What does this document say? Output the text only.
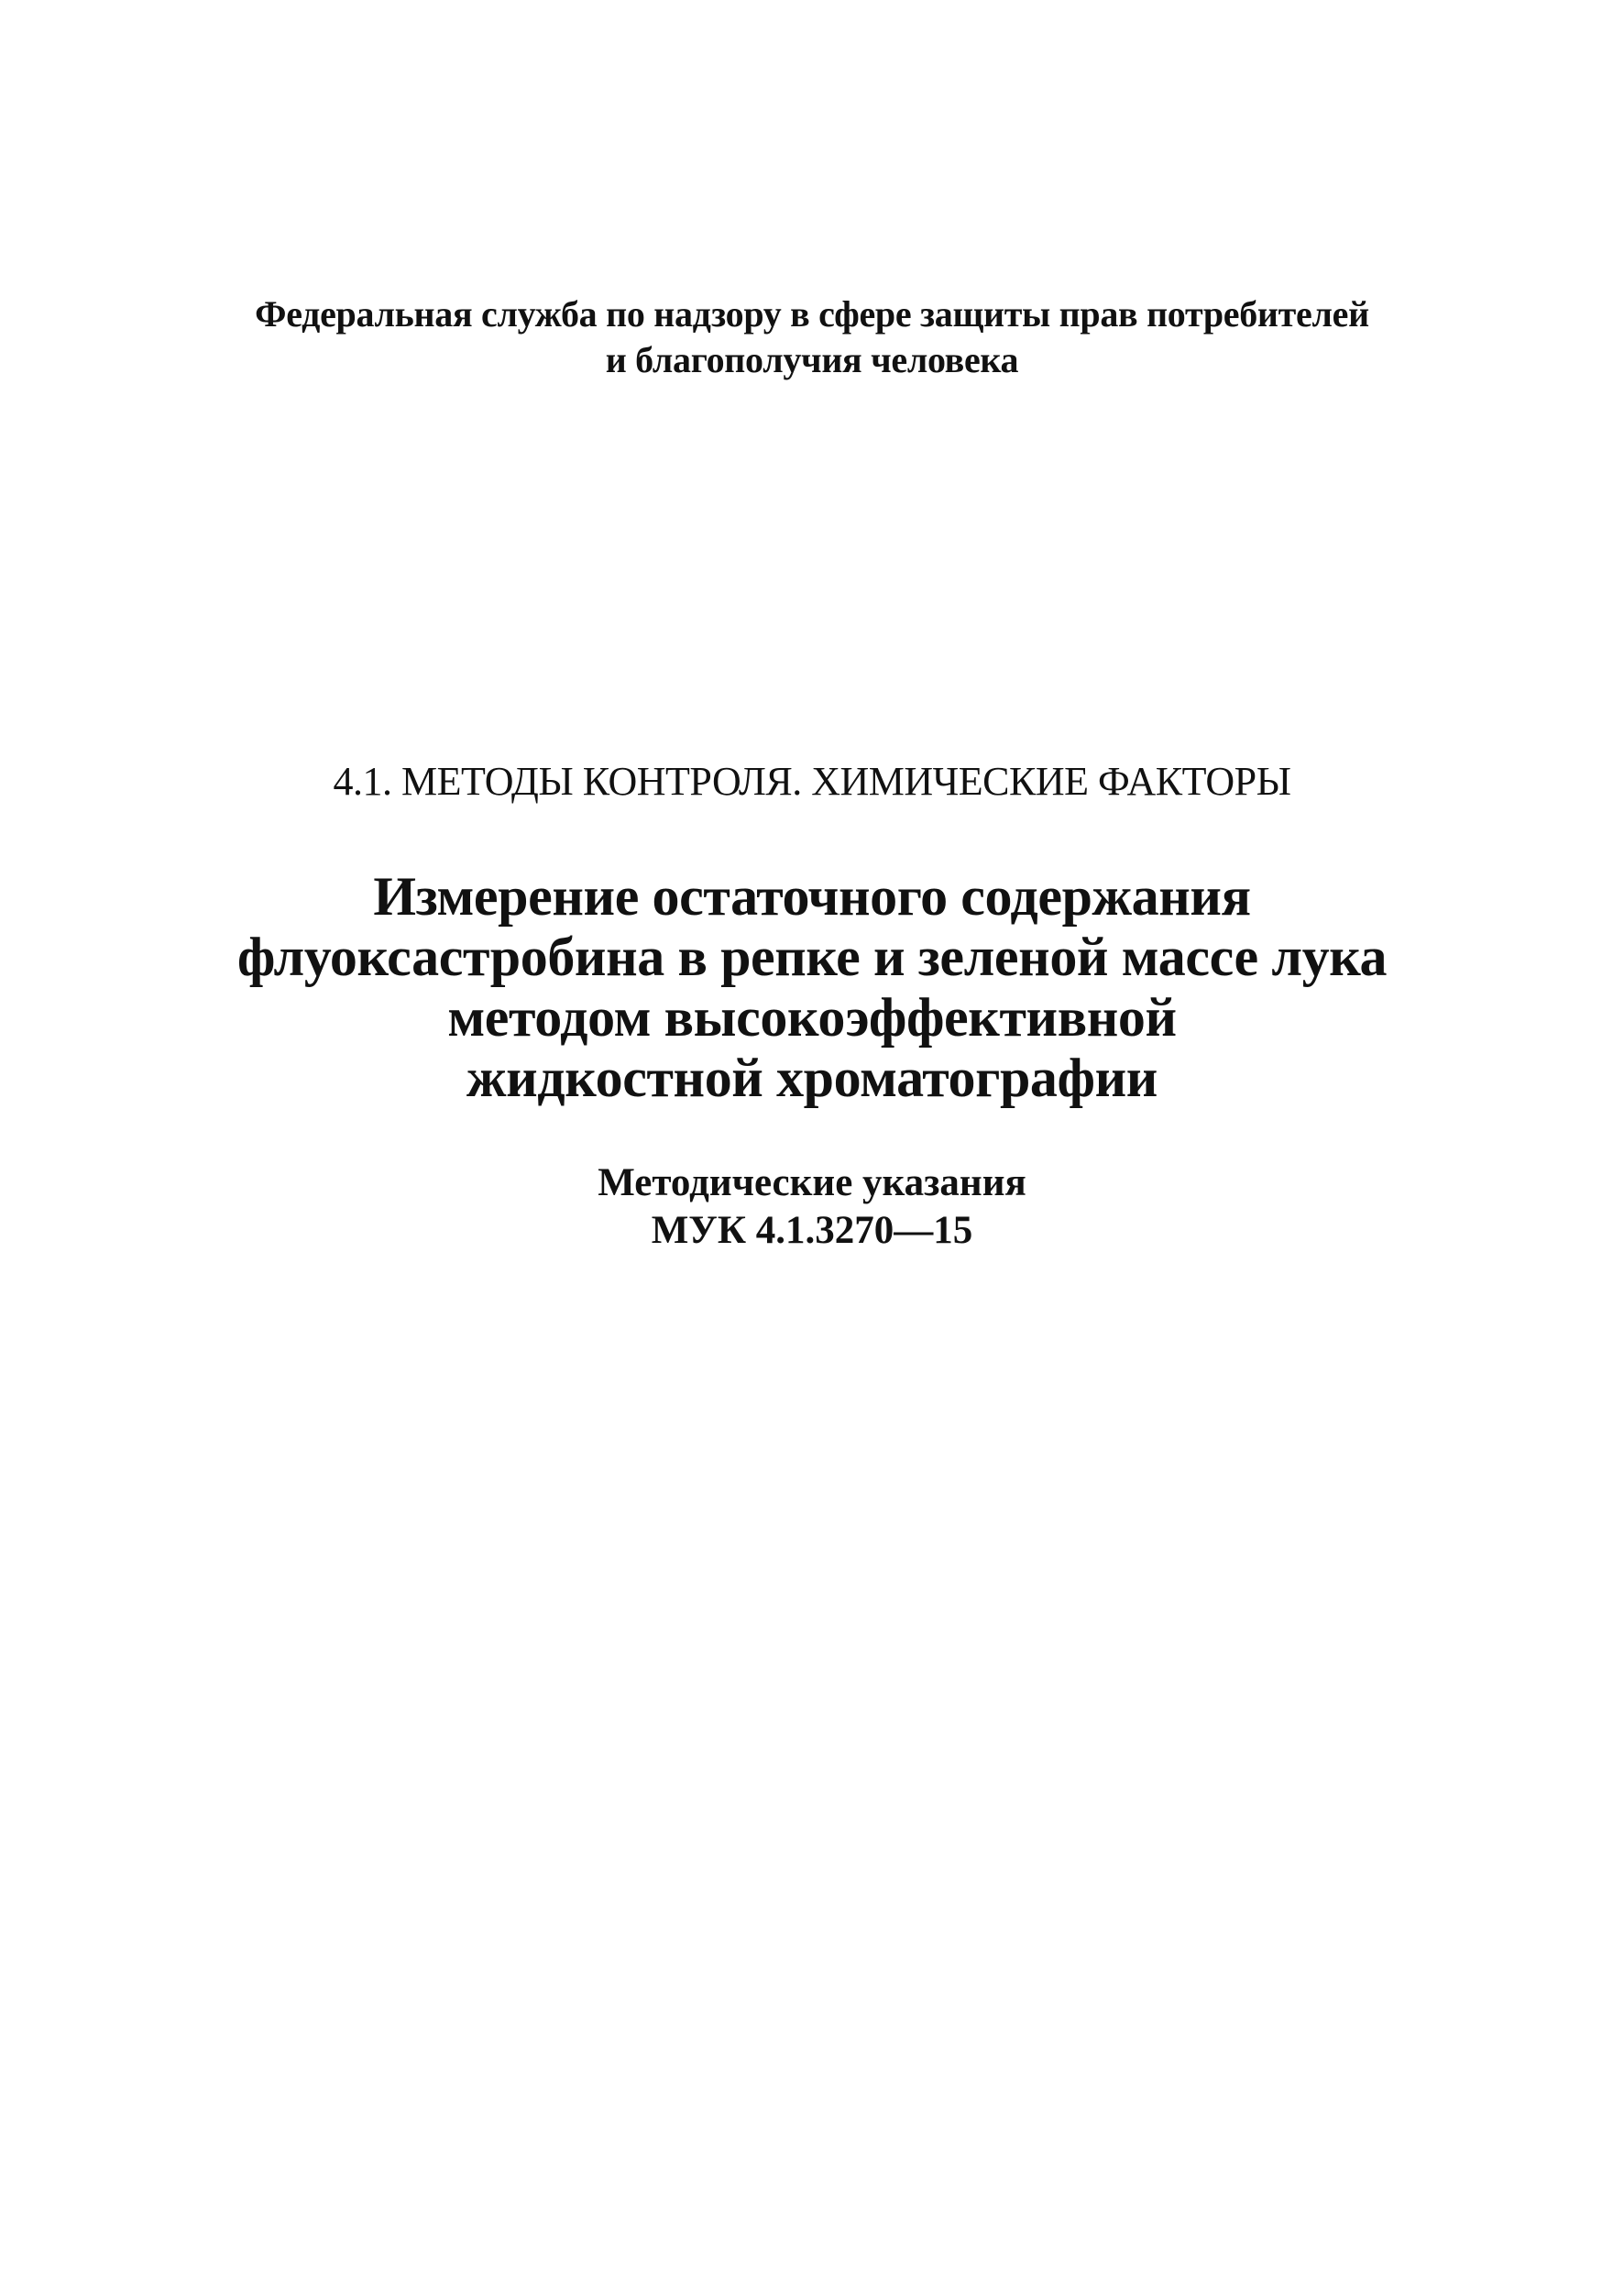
Федеральная служба по надзору в сфере защиты прав потребителей
и благополучия человека
4.1. МЕТОДЫ КОНТРОЛЯ. ХИМИЧЕСКИЕ ФАКТОРЫ
Измерение остаточного содержания
флуоксастробина в репке и зеленой массе лука
методом высокоэффективной
жидкостной хроматографии
Методические указания
МУК 4.1.3270—15
